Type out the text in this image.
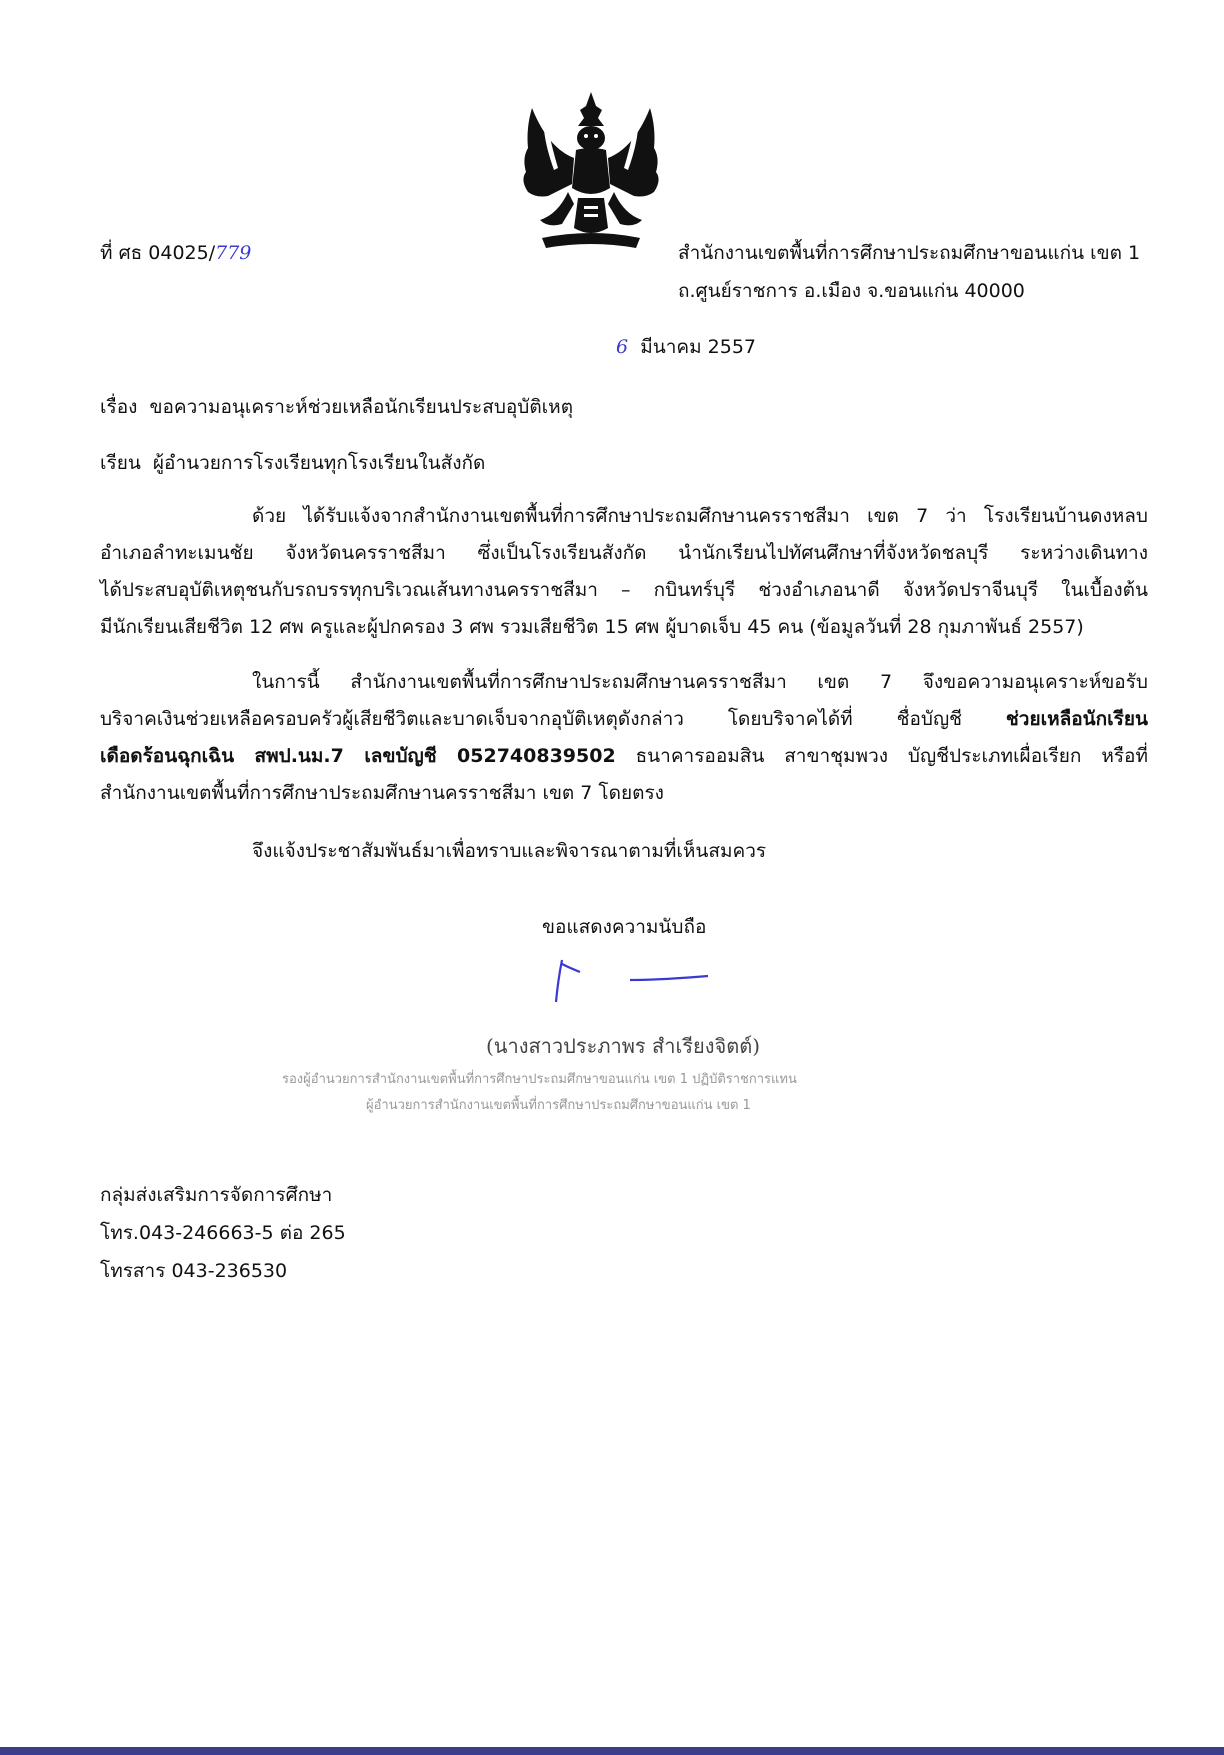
ที่ ศธ 04025/779	สำนักงานเขตพื้นที่การศึกษาประถมศึกษาขอนแก่น เขต 1
ถ.ศูนย์ราชการ อ.เมือง จ.ขอนแก่น 40000
6 มีนาคม 2557
เรื่อง ขอความอนุเคราะห์ช่วยเหลือนักเรียนประสบอุบัติเหตุ
เรียน ผู้อำนวยการโรงเรียนทุกโรงเรียนในสังกัด
ด้วย ได้รับแจ้งจากสำนักงานเขตพื้นที่การศึกษาประถมศึกษานครราชสีมา เขต 7 ว่า โรงเรียนบ้านดงหลบ
อำเภอลำทะเมนชัย จังหวัดนครราชสีมา ซึ่งเป็นโรงเรียนสังกัด นำนักเรียนไปทัศนศึกษาที่จังหวัดชลบุรี ระหว่างเดินทาง
ได้ประสบอุบัติเหตุชนกับรถบรรทุกบริเวณเส้นทางนครราชสีมา – กบินทร์บุรี ช่วงอำเภอนาดี จังหวัดปราจีนบุรี ในเบื้องต้น
มีนักเรียนเสียชีวิต 12 ศพ ครูและผู้ปกครอง 3 ศพ รวมเสียชีวิต 15 ศพ ผู้บาดเจ็บ 45 คน (ข้อมูลวันที่ 28 กุมภาพันธ์ 2557)
ในการนี้ สำนักงานเขตพื้นที่การศึกษาประถมศึกษานครราชสีมา เขต 7 จึงขอความอนุเคราะห์ขอรับ
บริจาคเงินช่วยเหลือครอบครัวผู้เสียชีวิตและบาดเจ็บจากอุบัติเหตุดังกล่าว โดยบริจาคได้ที่ ชื่อบัญชี ช่วยเหลือนักเรียน
เดือดร้อนฉุกเฉิน สพป.นม.7 เลขบัญชี 052740839502 ธนาคารออมสิน สาขาชุมพวง บัญชีประเภทเผื่อเรียก หรือที่
สำนักงานเขตพื้นที่การศึกษาประถมศึกษานครราชสีมา เขต 7 โดยตรง
จึงแจ้งประชาสัมพันธ์มาเพื่อทราบและพิจารณาตามที่เห็นสมควร
ขอแสดงความนับถือ
(นางสาวประภาพร สำเรียงจิตต์)
รองผู้อำนวยการสำนักงานเขตพื้นที่การศึกษาประถมศึกษาขอนแก่น เขต 1 ปฏิบัติราชการแทน
ผู้อำนวยการสำนักงานเขตพื้นที่การศึกษาประถมศึกษาขอนแก่น เขต 1
กลุ่มส่งเสริมการจัดการศึกษา
โทร.043-246663-5 ต่อ 265
โทรสาร 043-236530
